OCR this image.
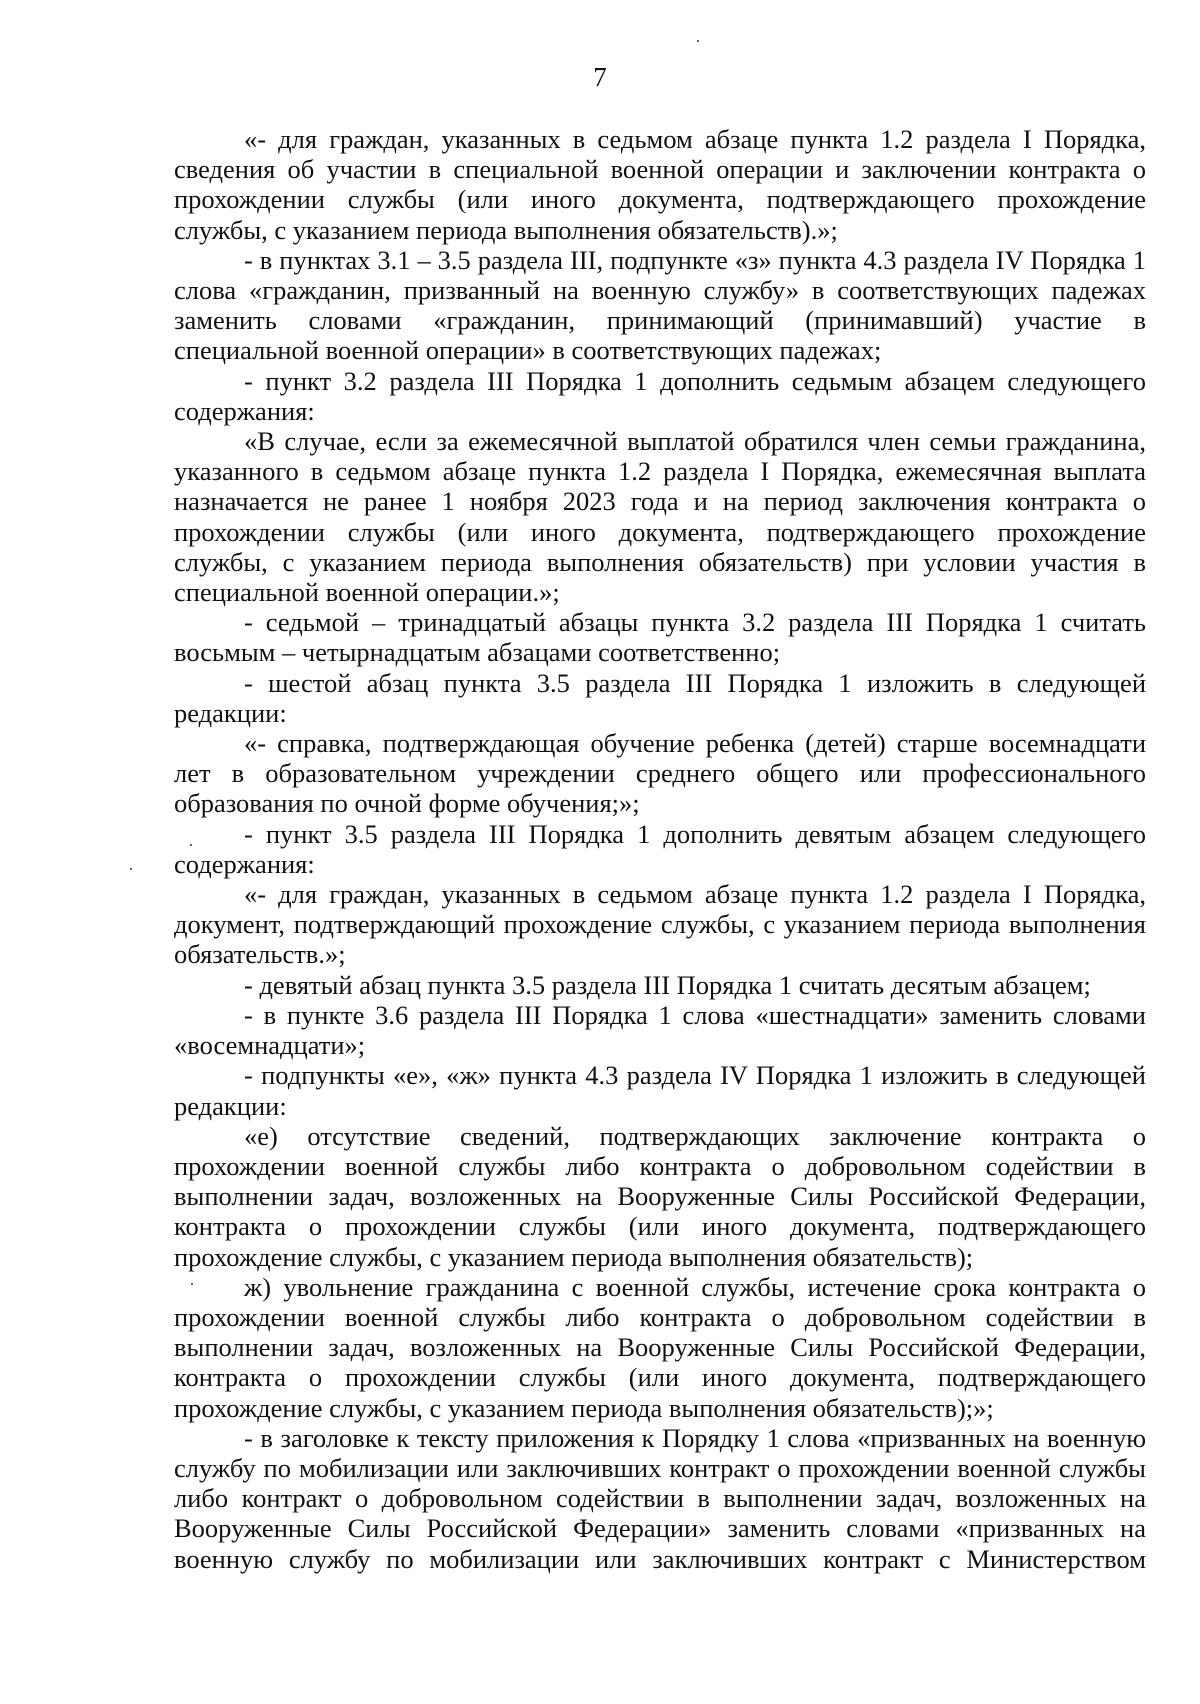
7

«- для граждан, указанных в седьмом абзаце пункта 1.2 раздела I Порядка, сведения об участии в специальной военной операции и заключении контракта о прохождении службы (или иного документа, подтверждающего прохождение службы, с указанием периода выполнения обязательств).»;

- в пунктах 3.1 – 3.5 раздела III, подпункте «з» пункта 4.3 раздела IV Порядка 1 слова «гражданин, призванный на военную службу» в соответствующих падежах заменить словами «гражданин, принимающий (принимавший) участие в специальной военной операции» в соответствующих падежах;

- пункт 3.2 раздела III Порядка 1 дополнить седьмым абзацем следующего содержания:

«В случае, если за ежемесячной выплатой обратился член семьи гражданина, указанного в седьмом абзаце пункта 1.2 раздела I Порядка, ежемесячная выплата назначается не ранее 1 ноября 2023 года и на период заключения контракта о прохождении службы (или иного документа, подтверждающего прохождение службы, с указанием периода выполнения обязательств) при условии участия в специальной военной операции.»;

- седьмой – тринадцатый абзацы пункта 3.2 раздела III Порядка 1 считать восьмым – четырнадцатым абзацами соответственно;

- шестой абзац пункта 3.5 раздела III Порядка 1 изложить в следующей редакции:

«- справка, подтверждающая обучение ребенка (детей) старше восемнадцати лет в образовательном учреждении среднего общего или профессионального образования по очной форме обучения;»;

- пункт 3.5 раздела III Порядка 1 дополнить девятым абзацем следующего содержания:

«- для граждан, указанных в седьмом абзаце пункта 1.2 раздела I Порядка, документ, подтверждающий прохождение службы, с указанием периода выполнения обязательств.»;

- девятый абзац пункта 3.5 раздела III Порядка 1 считать десятым абзацем;

- в пункте 3.6 раздела III Порядка 1 слова «шестнадцати» заменить словами «восемнадцати»;

- подпункты «е», «ж» пункта 4.3 раздела IV Порядка 1 изложить в следующей редакции:

«е) отсутствие сведений, подтверждающих заключение контракта о прохождении военной службы либо контракта о добровольном содействии в выполнении задач, возложенных на Вооруженные Силы Российской Федерации, контракта о прохождении службы (или иного документа, подтверждающего прохождение службы, с указанием периода выполнения обязательств);

ж) увольнение гражданина с военной службы, истечение срока контракта о прохождении военной службы либо контракта о добровольном содействии в выполнении задач, возложенных на Вооруженные Силы Российской Федерации, контракта о прохождении службы (или иного документа, подтверждающего прохождение службы, с указанием периода выполнения обязательств);»;

- в заголовке к тексту приложения к Порядку 1 слова «призванных на военную службу по мобилизации или заключивших контракт о прохождении военной службы либо контракт о добровольном содействии в выполнении задач, возложенных на Вооруженные Силы Российской Федерации» заменить словами «призванных на военную службу по мобилизации или заключивших контракт с Министерством
